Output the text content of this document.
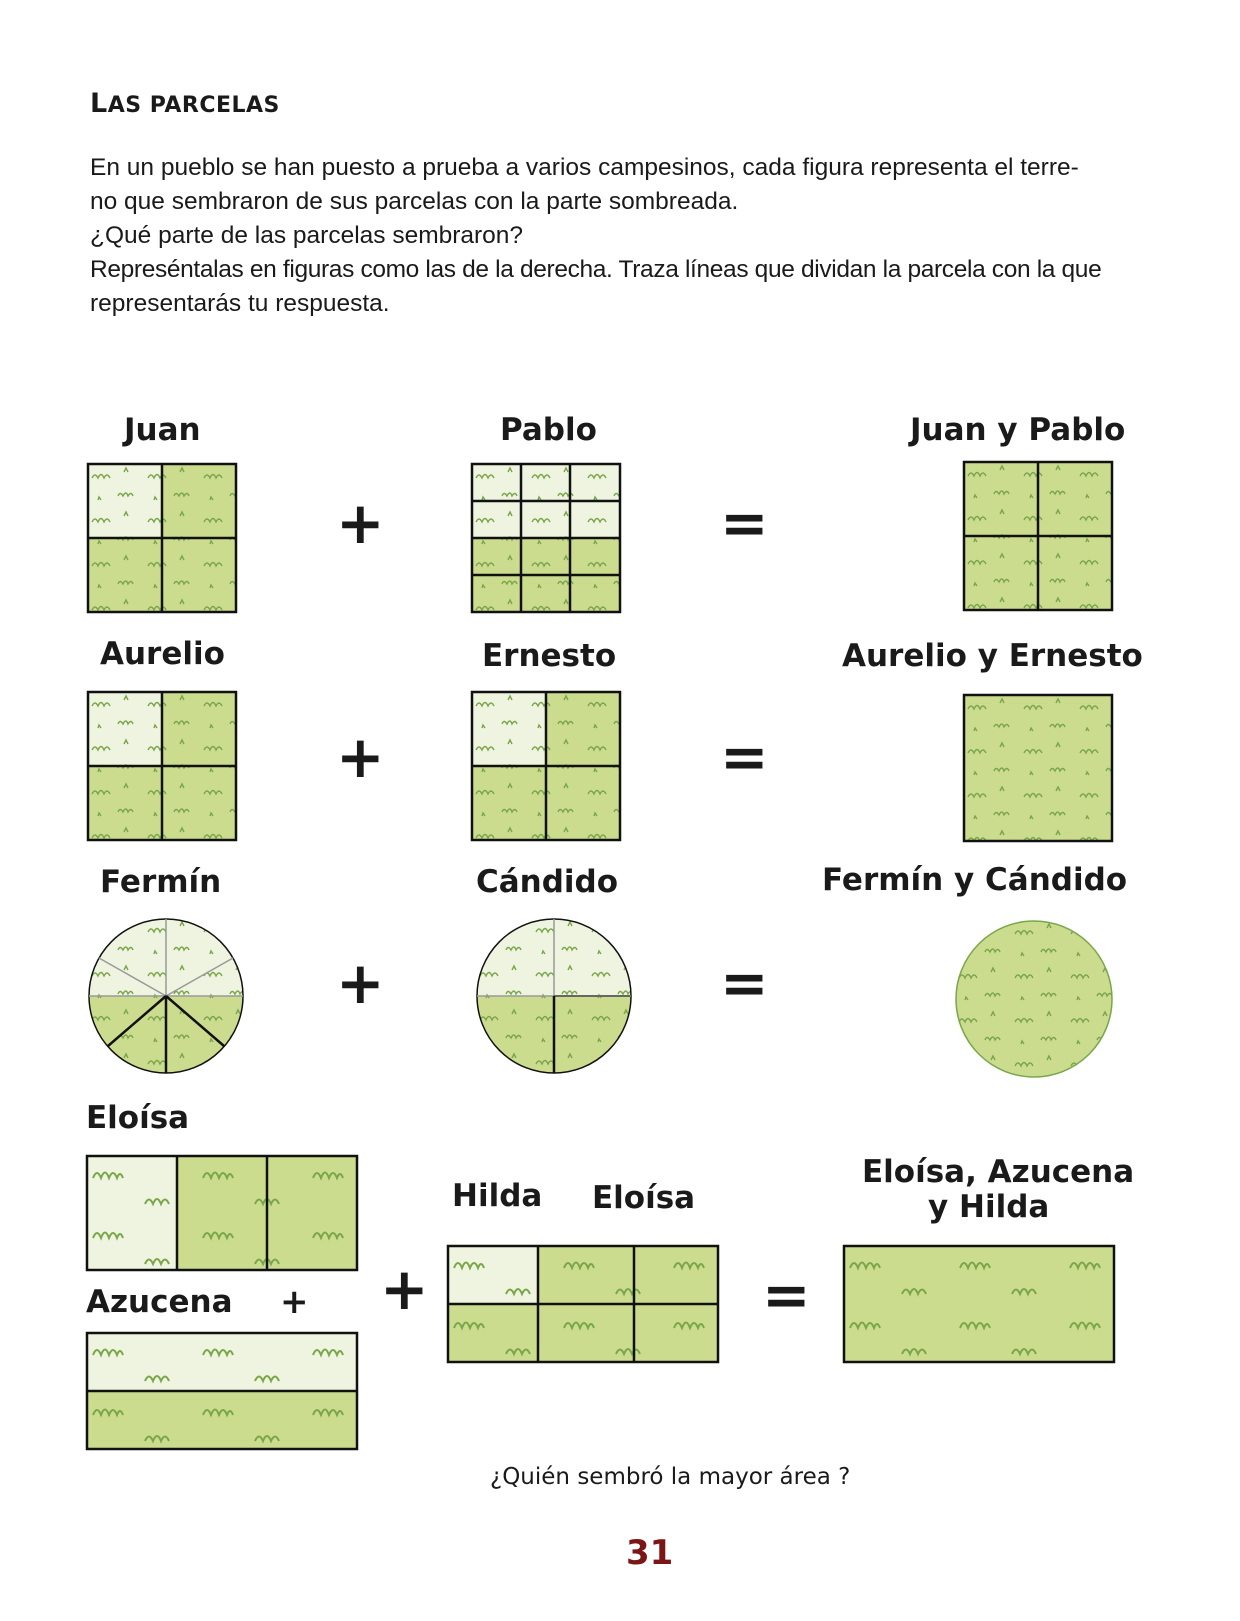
LAS PARCELAS
En un pueblo se han puesto a prueba a varios campesinos, cada figura representa el terre-
no que sembraron de sus parcelas con la parte sombreada.
¿Qué parte de las parcelas sembraron?
Represéntalas en figuras como las de la derecha. Traza líneas que dividan la parcela con la que
representarás tu respuesta.
Juan	Pablo	Juan y Pablo
+	=
Aurelio	Ernesto	Aurelio y Ernesto
+	=
Fermín	Cándido	Fermín y Cándido
+	=
Eloísa
Azucena + +
Hilda Eloísa
=
Eloísa, Azucena
y Hilda
¿Quién sembró la mayor área ?
31
